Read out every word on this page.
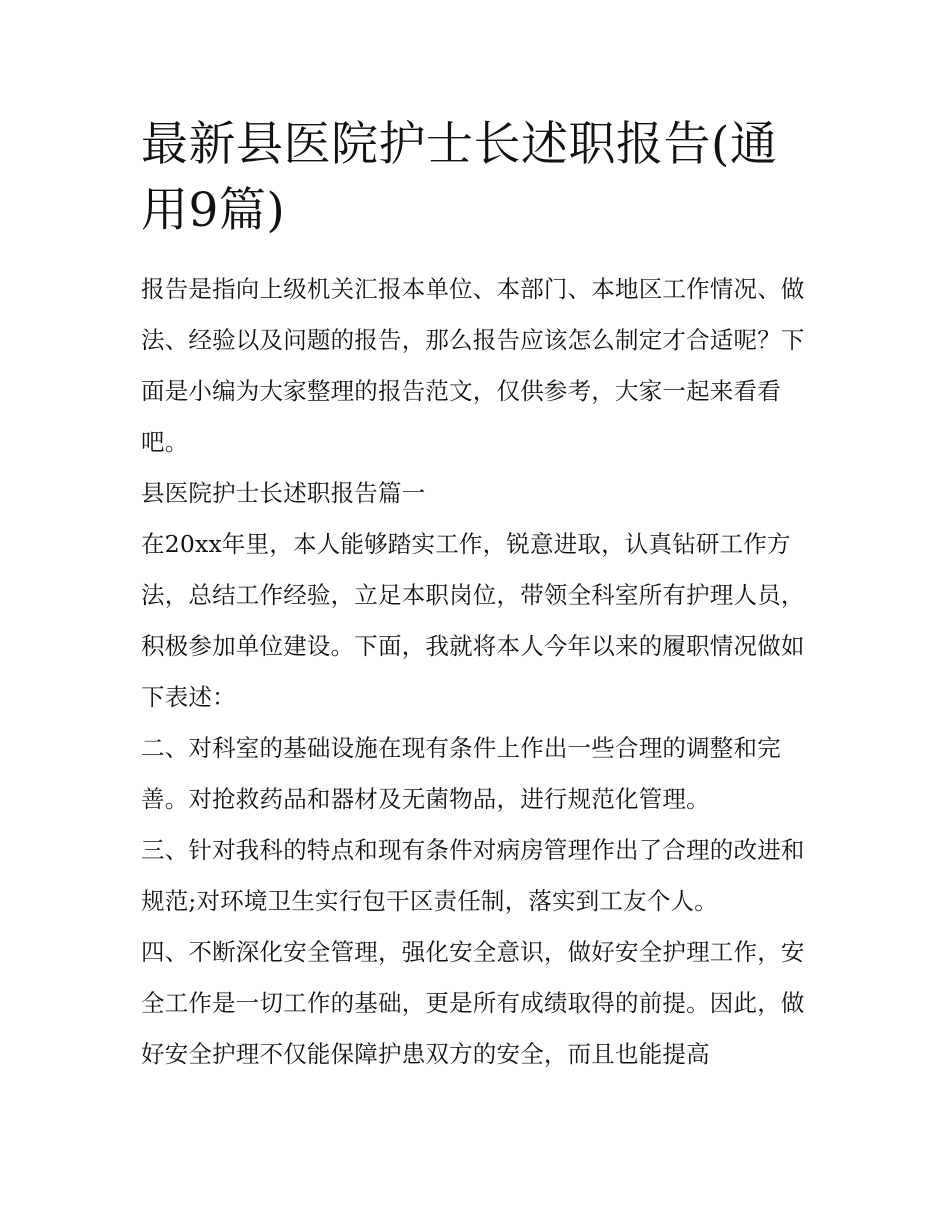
最新县医院护士长述职报告(通用9篇)

报告是指向上级机关汇报本单位、本部门、本地区工作情况、做法、经验以及问题的报告，那么报告应该怎么制定才合适呢？下面是小编为大家整理的报告范文，仅供参考，大家一起来看看吧。

县医院护士长述职报告篇一

在20xx年里，本人能够踏实工作，锐意进取，认真钻研工作方法，总结工作经验，立足本职岗位，带领全科室所有护理人员，积极参加单位建设。下面，我就将本人今年以来的履职情况做如下表述：

二、对科室的基础设施在现有条件上作出一些合理的调整和完善。对抢救药品和器材及无菌物品，进行规范化管理。

三、针对我科的特点和现有条件对病房管理作出了合理的改进和规范;对环境卫生实行包干区责任制，落实到工友个人。

四、不断深化安全管理，强化安全意识，做好安全护理工作，安全工作是一切工作的基础，更是所有成绩取得的前提。因此，做好安全护理不仅能保障护患双方的安全，而且也能提高
